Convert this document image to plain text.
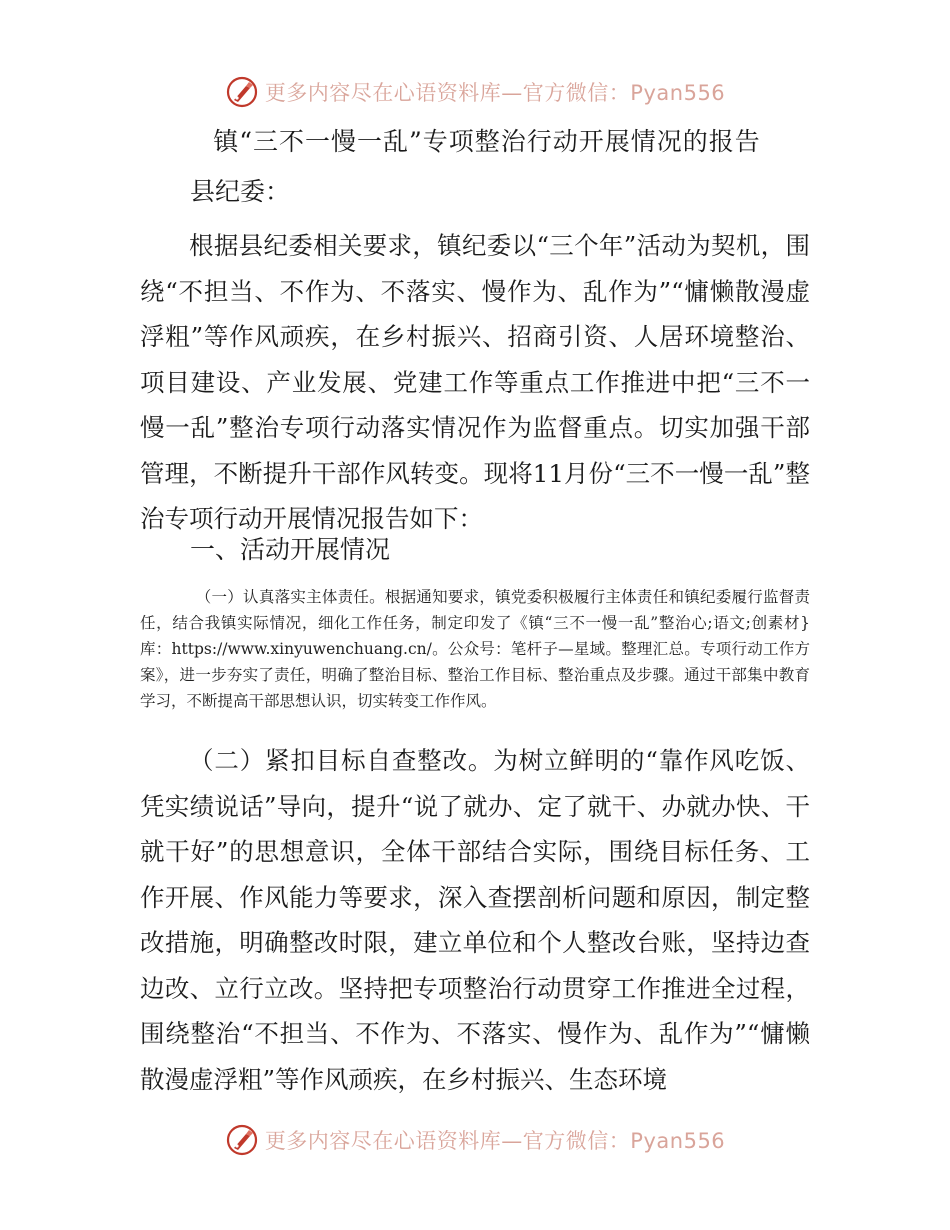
更多内容尽在心语资料库—官方微信：Pyan556
镇“三不一慢一乱”专项整治行动开展情况的报告
县纪委：

根据县纪委相关要求，镇纪委以“三个年”活动为契机，围绕“不担当、不作为、不落实、慢作为、乱作为”“慵懒散漫虚浮粗”等作风顽疾，在乡村振兴、招商引资、人居环境整治、项目建设、产业发展、党建工作等重点工作推进中把“三不一慢一乱”整治专项行动落实情况作为监督重点。切实加强干部管理，不断提升干部作风转变。现将11月份“三不一慢一乱”整治专项行动开展情况报告如下：

一、活动开展情况

（一）认真落实主体责任。根据通知要求，镇党委积极履行主体责任和镇纪委履行监督责任，结合我镇实际情况，细化工作任务，制定印发了《镇“三不一慢一乱”整治心;语文;创素材}库：https://www.xinyuwenchuang.cn/。公众号：笔杆子—星域。整理汇总。专项行动工作方案》，进一步夯实了责任，明确了整治目标、整治工作目标、整治重点及步骤。通过干部集中教育学习，不断提高干部思想认识，切实转变工作作风。

（二）紧扣目标自查整改。为树立鲜明的“靠作风吃饭、凭实绩说话”导向，提升“说了就办、定了就干、办就办快、干就干好”的思想意识，全体干部结合实际，围绕目标任务、工作开展、作风能力等要求，深入查摆剖析问题和原因，制定整改措施，明确整改时限，建立单位和个人整改台账，坚持边查边改、立行立改。坚持把专项整治行动贯穿工作推进全过程，围绕整治“不担当、不作为、不落实、慢作为、乱作为”“慵懒散漫虚浮粗”等作风顽疾，在乡村振兴、生态环境

更多内容尽在心语资料库—官方微信：Pyan556
